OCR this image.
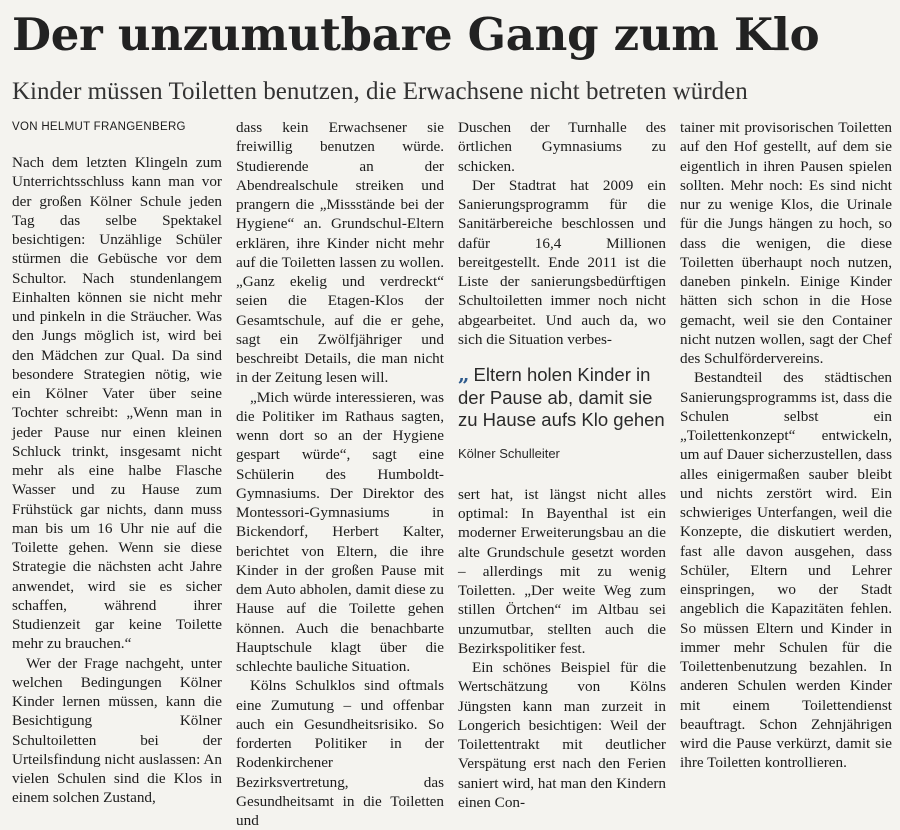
Der unzumutbare Gang zum Klo
Kinder müssen Toiletten benutzen, die Erwachsene nicht betreten würden

VON HELMUT FRANGENBERG

Nach dem letzten Klingeln zum Unterrichtsschluss kann man vor der großen Kölner Schule jeden Tag das selbe Spektakel besichtigen: Unzählige Schüler stürmen die Gebüsche vor dem Schultor. Nach stundenlangem Einhalten können sie nicht mehr und pinkeln in die Sträucher. Was den Jungs möglich ist, wird bei den Mädchen zur Qual. Da sind besondere Strategien nötig, wie ein Kölner Vater über seine Tochter schreibt: „Wenn man in jeder Pause nur einen kleinen Schluck trinkt, insgesamt nicht mehr als eine halbe Flasche Wasser und zu Hause zum Frühstück gar nichts, dann muss man bis um 16 Uhr nie auf die Toilette gehen. Wenn sie diese Strategie die nächsten acht Jahre anwendet, wird sie es sicher schaffen, während ihrer Studienzeit gar keine Toilette mehr zu brauchen.“

Wer der Frage nachgeht, unter welchen Bedingungen Kölner Kinder lernen müssen, kann die Besichtigung Kölner Schultoiletten bei der Urteilsfindung nicht auslassen: An vielen Schulen sind die Klos in einem solchen Zustand,

dass kein Erwachsener sie freiwillig benutzen würde. Studierende an der Abendrealschule streiken und prangern die „Missstände bei der Hygiene“ an. Grundschul-Eltern erklären, ihre Kinder nicht mehr auf die Toiletten lassen zu wollen. „Ganz ekelig und verdreckt“ seien die Etagen-Klos der Gesamtschule, auf die er gehe, sagt ein Zwölfjähriger und beschreibt Details, die man nicht in der Zeitung lesen will.

„Mich würde interessieren, was die Politiker im Rathaus sagten, wenn dort so an der Hygiene gespart würde“, sagt eine Schülerin des Humboldt-Gymnasiums. Der Direktor des Montessori-Gymnasiums in Bickendorf, Herbert Kalter, berichtet von Eltern, die ihre Kinder in der großen Pause mit dem Auto abholen, damit diese zu Hause auf die Toilette gehen können. Auch die benachbarte Hauptschule klagt über die schlechte bauliche Situation.

Kölns Schulklos sind oftmals eine Zumutung – und offenbar auch ein Gesundheitsrisiko. So forderten Politiker in der Rodenkirchener Bezirksvertretung, das Gesundheitsamt in die Toiletten und

Duschen der Turnhalle des örtlichen Gymnasiums zu schicken.

Der Stadtrat hat 2009 ein Sanierungsprogramm für die Sanitärbereiche beschlossen und dafür 16,4 Millionen bereitgestellt. Ende 2011 ist die Liste der sanierungsbedürftigen Schultoiletten immer noch nicht abgearbeitet. Und auch da, wo sich die Situation verbes-

„ Eltern holen Kinder in der Pause ab, damit sie zu Hause aufs Klo gehen
Kölner Schulleiter

sert hat, ist längst nicht alles optimal: In Bayenthal ist ein moderner Erweiterungsbau an die alte Grundschule gesetzt worden – allerdings mit zu wenig Toiletten. „Der weite Weg zum stillen Örtchen“ im Altbau sei unzumutbar, stellten auch die Bezirkspolitiker fest.

Ein schönes Beispiel für die Wertschätzung von Kölns Jüngsten kann man zurzeit in Longerich besichtigen: Weil der Toilettentrakt mit deutlicher Verspätung erst nach den Ferien saniert wird, hat man den Kindern einen Con-

tainer mit provisorischen Toiletten auf den Hof gestellt, auf dem sie eigentlich in ihren Pausen spielen sollten. Mehr noch: Es sind nicht nur zu wenige Klos, die Urinale für die Jungs hängen zu hoch, so dass die wenigen, die diese Toiletten überhaupt noch nutzen, daneben pinkeln. Einige Kinder hätten sich schon in die Hose gemacht, weil sie den Container nicht nutzen wollen, sagt der Chef des Schulfördervereins.

Bestandteil des städtischen Sanierungsprogramms ist, dass die Schulen selbst ein „Toilettenkonzept“ entwickeln, um auf Dauer sicherzustellen, dass alles einigermaßen sauber bleibt und nichts zerstört wird. Ein schwieriges Unterfangen, weil die Konzepte, die diskutiert werden, fast alle davon ausgehen, dass Schüler, Eltern und Lehrer einspringen, wo der Stadt angeblich die Kapazitäten fehlen. So müssen Eltern und Kinder in immer mehr Schulen für die Toilettenbenutzung bezahlen. In anderen Schulen werden Kinder mit einem Toilettendienst beauftragt. Schon Zehnjährigen wird die Pause verkürzt, damit sie ihre Toiletten kontrollieren.
